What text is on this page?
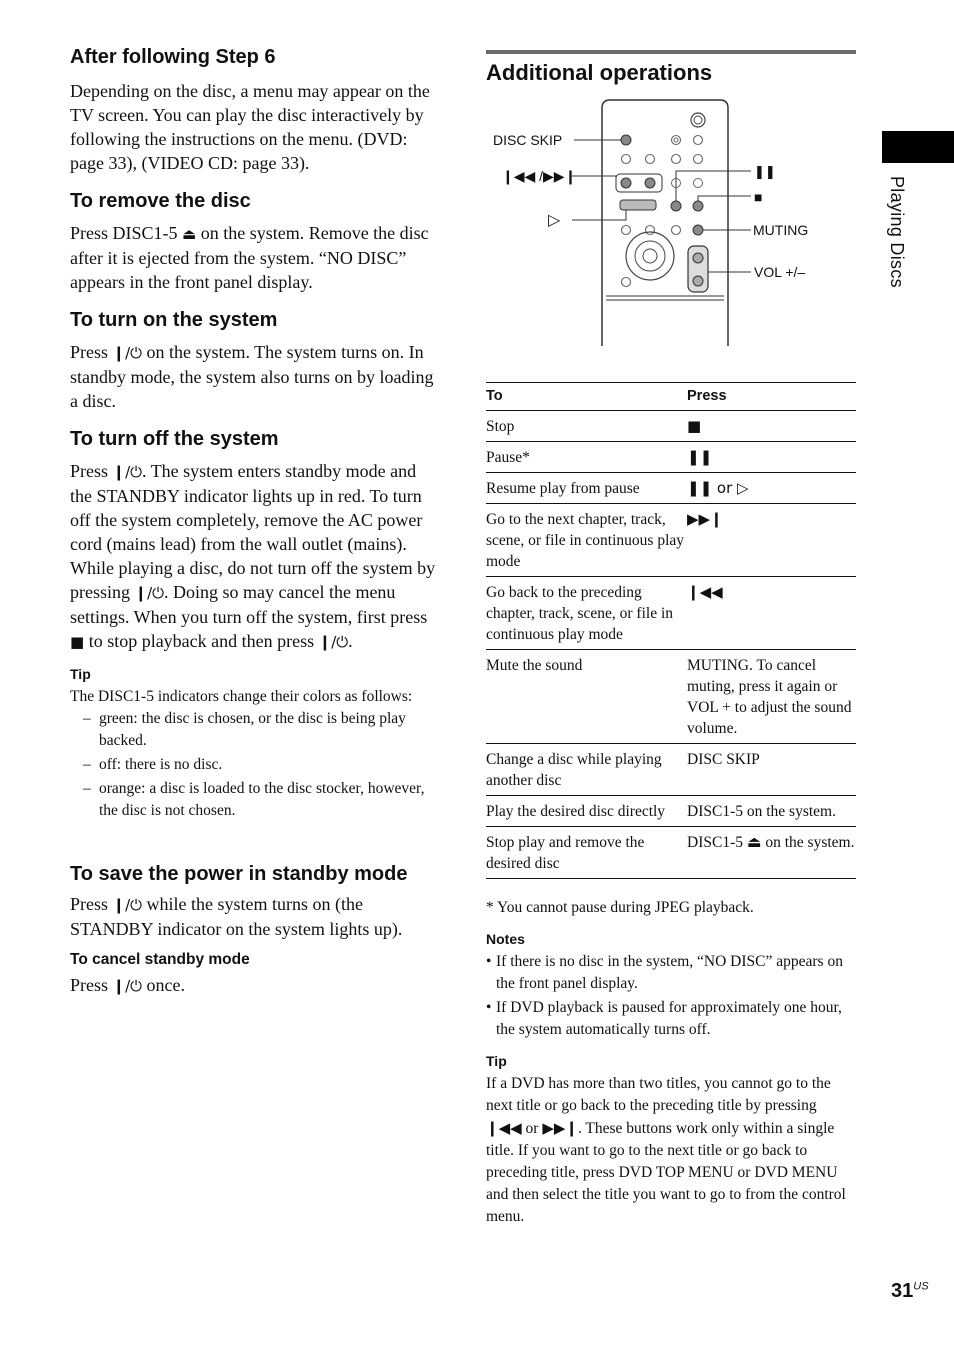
After following Step 6

Depending on the disc, a menu may appear on the TV screen. You can play the disc interactively by following the instructions on the menu. (DVD: page 33), (VIDEO CD: page 33).

To remove the disc

Press DISC1-5 ⏏ on the system. Remove the disc after it is ejected from the system. “NO DISC” appears in the front panel display.

To turn on the system

Press ❙/⏻ on the system. The system turns on. In standby mode, the system also turns on by loading a disc.

To turn off the system

Press ❙/⏻. The system enters standby mode and the STANDBY indicator lights up in red. To turn off the system completely, remove the AC power cord (mains lead) from the wall outlet (mains).

While playing a disc, do not turn off the system by pressing ❙/⏻. Doing so may cancel the menu settings. When you turn off the system, first press ■ to stop playback and then press ❙/⏻.

Tip
The DISC1-5 indicators change their colors as follows:
– green: the disc is chosen, or the disc is being play backed.
– off: there is no disc.
– orange: a disc is loaded to the disc stocker, however, the disc is not chosen.
To save the power in standby mode

Press ❙/⏻ while the system turns on (the STANDBY indicator on the system lights up).

To cancel standby mode

Press ❙/⏻ once.

Additional operations
DISC SKIP
❙◀◀ /▶▶❙
▷
❚❚
■
MUTING
VOL +/–
To	Press
Stop	■
Pause*	❚❚
Resume play from pause	❚❚ or ▷
Go to the next chapter, track, scene, or file in continuous play mode	▶▶❙
Go back to the preceding chapter, track, scene, or file in continuous play mode	❙◀◀
Mute the sound	MUTING. To cancel muting, press it again or VOL + to adjust the sound volume.
Change a disc while playing another disc	DISC SKIP
Play the desired disc directly	DISC1-5 on the system.
Stop play and remove the desired disc	DISC1-5 ⏏ on the system.
* You cannot pause during JPEG playback.
Notes
• If there is no disc in the system, “NO DISC” appears on the front panel display.
• If DVD playback is paused for approximately one hour, the system automatically turns off.
Tip
If a DVD has more than two titles, you cannot go to the next title or go back to the preceding title by pressing ❙◀◀ or ▶▶❙. These buttons work only within a single title. If you want to go to the next title or go back to preceding title, press DVD TOP MENU or DVD MENU and then select the title you want to go to from the control menu.
Playing Discs
$31^{US}$
